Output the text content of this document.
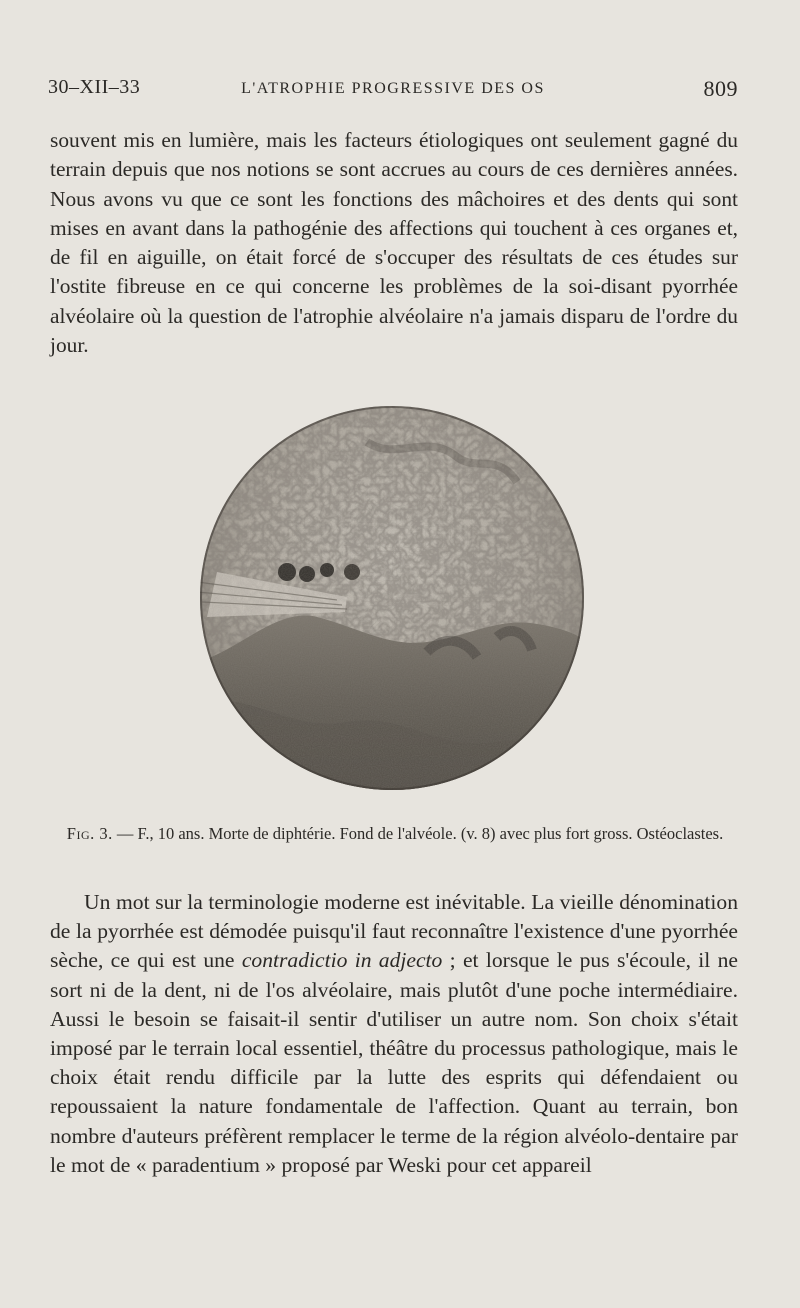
30–XII–33	L'ATROPHIE PROGRESSIVE DES OS	809

souvent mis en lumière, mais les facteurs étiologiques ont seulement gagné du terrain depuis que nos notions se sont accrues au cours de ces dernières années. Nous avons vu que ce sont les fonctions des mâchoires et des dents qui sont mises en avant dans la pathogénie des affections qui touchent à ces organes et, de fil en aiguille, on était forcé de s'occuper des résultats de ces études sur l'ostite fibreuse en ce qui concerne les problèmes de la soi-disant pyorrhée alvéolaire où la question de l'atrophie alvéolaire n'a jamais disparu de l'ordre du jour.

Fig. 3. — F., 10 ans. Morte de diphtérie. Fond de l'alvéole. (v. 8) avec plus fort gross. Ostéoclastes.

Un mot sur la terminologie moderne est inévitable. La vieille dénomination de la pyorrhée est démodée puisqu'il faut reconnaître l'existence d'une pyorrhée sèche, ce qui est une contradictio in adjecto ; et lorsque le pus s'écoule, il ne sort ni de la dent, ni de l'os alvéolaire, mais plutôt d'une poche intermédiaire. Aussi le besoin se faisait-il sentir d'utiliser un autre nom. Son choix s'était imposé par le terrain local essentiel, théâtre du processus pathologique, mais le choix était rendu difficile par la lutte des esprits qui défendaient ou repoussaient la nature fondamentale de l'affection. Quant au terrain, bon nombre d'auteurs préfèrent remplacer le terme de la région alvéolo-dentaire par le mot de « paradentium » proposé par Weski pour cet appareil
